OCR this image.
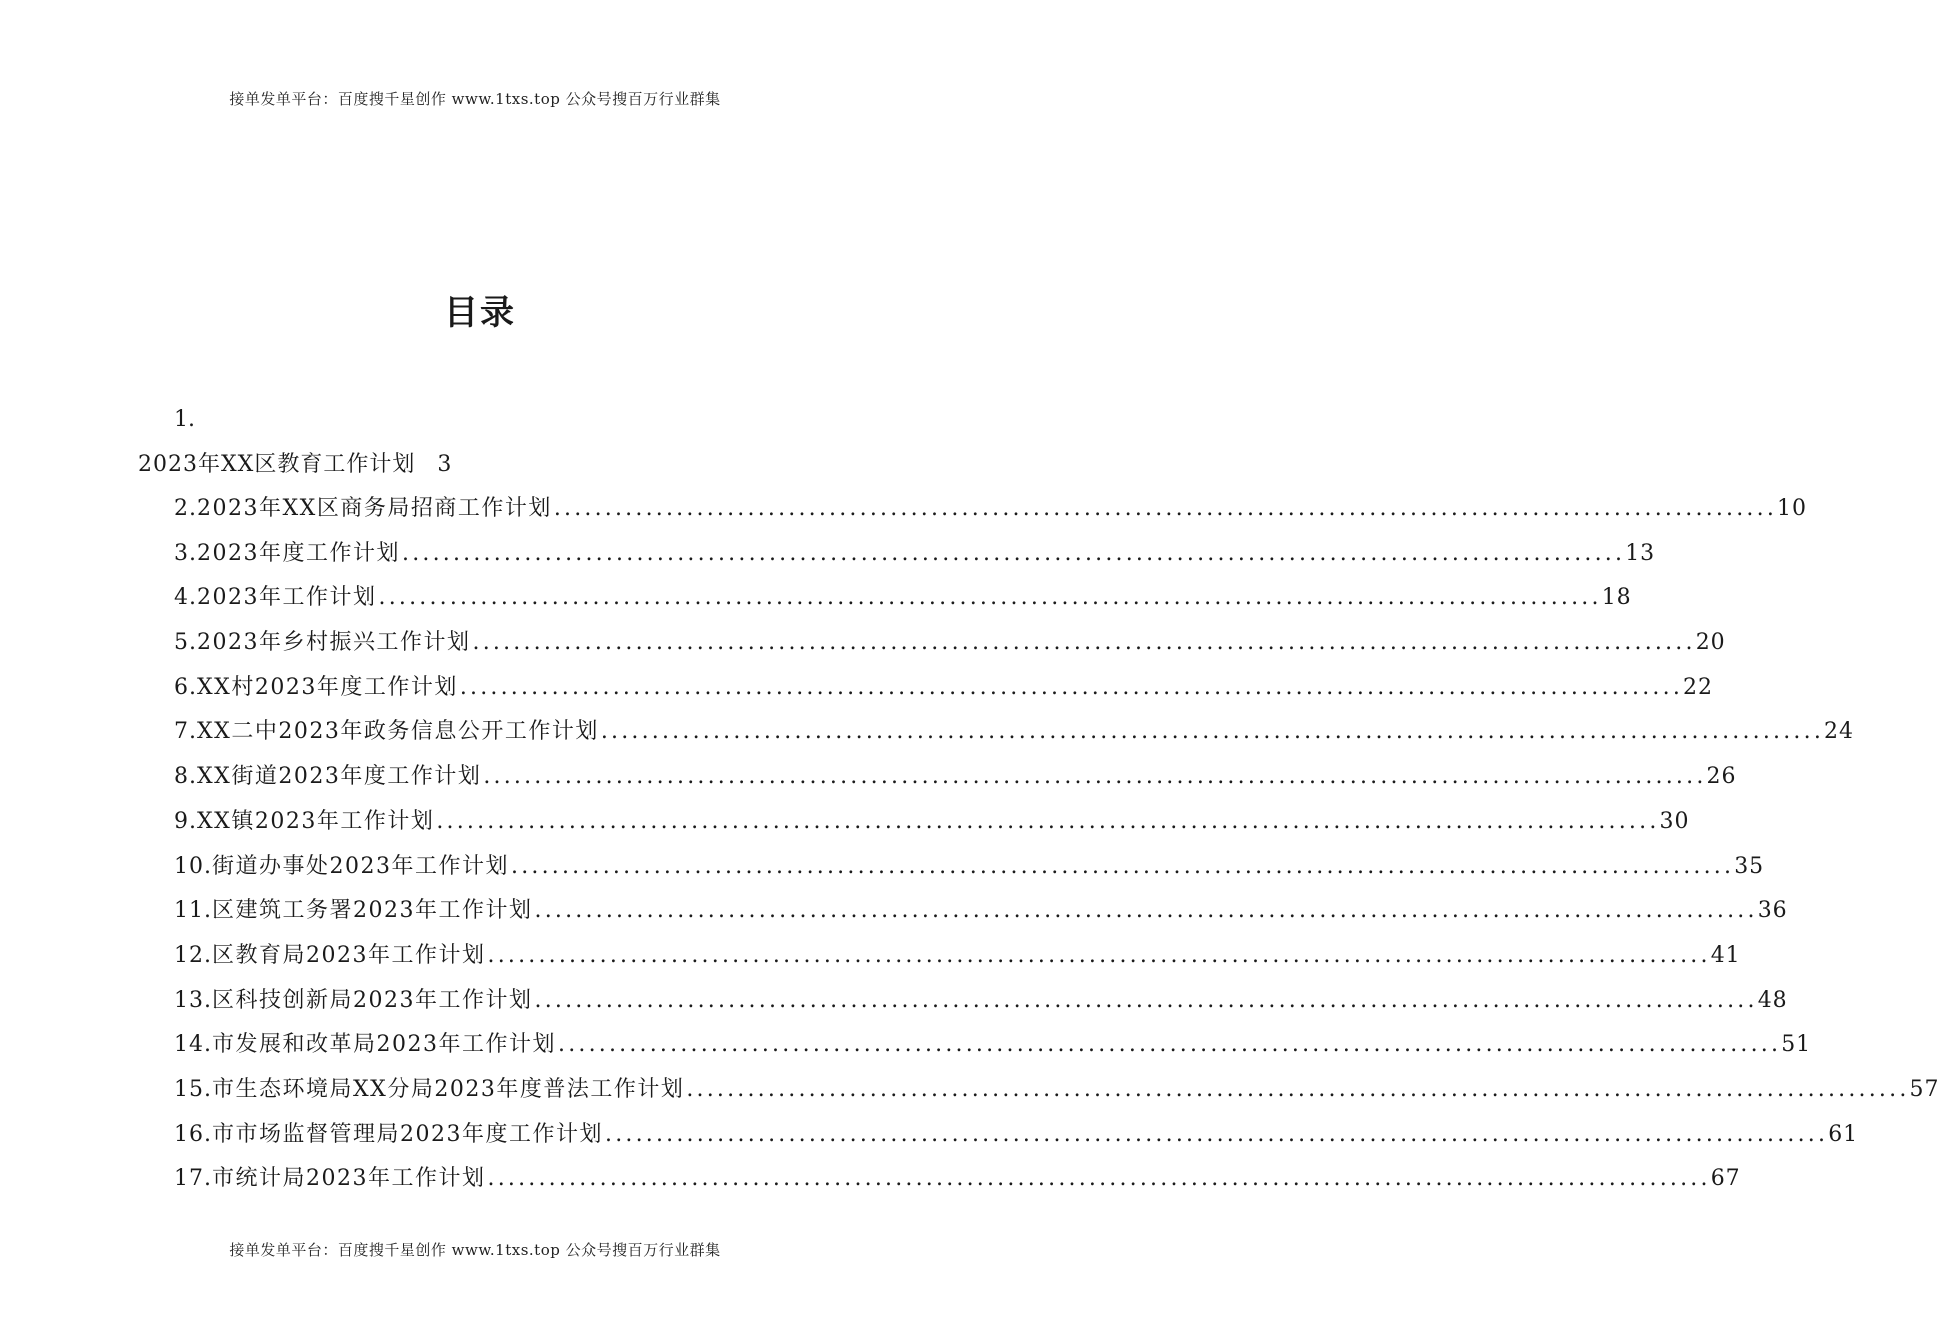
接单发单平台：百度搜千星创作 www.1txs.top 公众号搜百万行业群集
目录
1.
2023年XX区教育工作计划 3
2. 2023年XX区商务局招商工作计划 ........................................................................................................................ 10
3. 2023年度工作计划 ........................................................................................................................ 13
4. 2023年工作计划 ........................................................................................................................ 18
5. 2023年乡村振兴工作计划 ........................................................................................................................ 20
6. XX村2023年度工作计划 ........................................................................................................................ 22
7. XX二中2023年政务信息公开工作计划 ........................................................................................................................ 24
8. XX街道2023年度工作计划 ........................................................................................................................ 26
9. XX镇2023年工作计划 ........................................................................................................................ 30
10. 街道办事处2023年工作计划 ........................................................................................................................ 35
11. 区建筑工务署2023年工作计划 ........................................................................................................................ 36
12. 区教育局2023年工作计划 ........................................................................................................................ 41
13. 区科技创新局2023年工作计划 ........................................................................................................................ 48
14. 市发展和改革局2023年工作计划 ........................................................................................................................ 51
15. 市生态环境局XX分局2023年度普法工作计划 ........................................................................................................................ 57
16. 市市场监督管理局2023年度工作计划 ........................................................................................................................ 61
17. 市统计局2023年工作计划 ........................................................................................................................ 67
接单发单平台：百度搜千星创作 www.1txs.top 公众号搜百万行业群集
